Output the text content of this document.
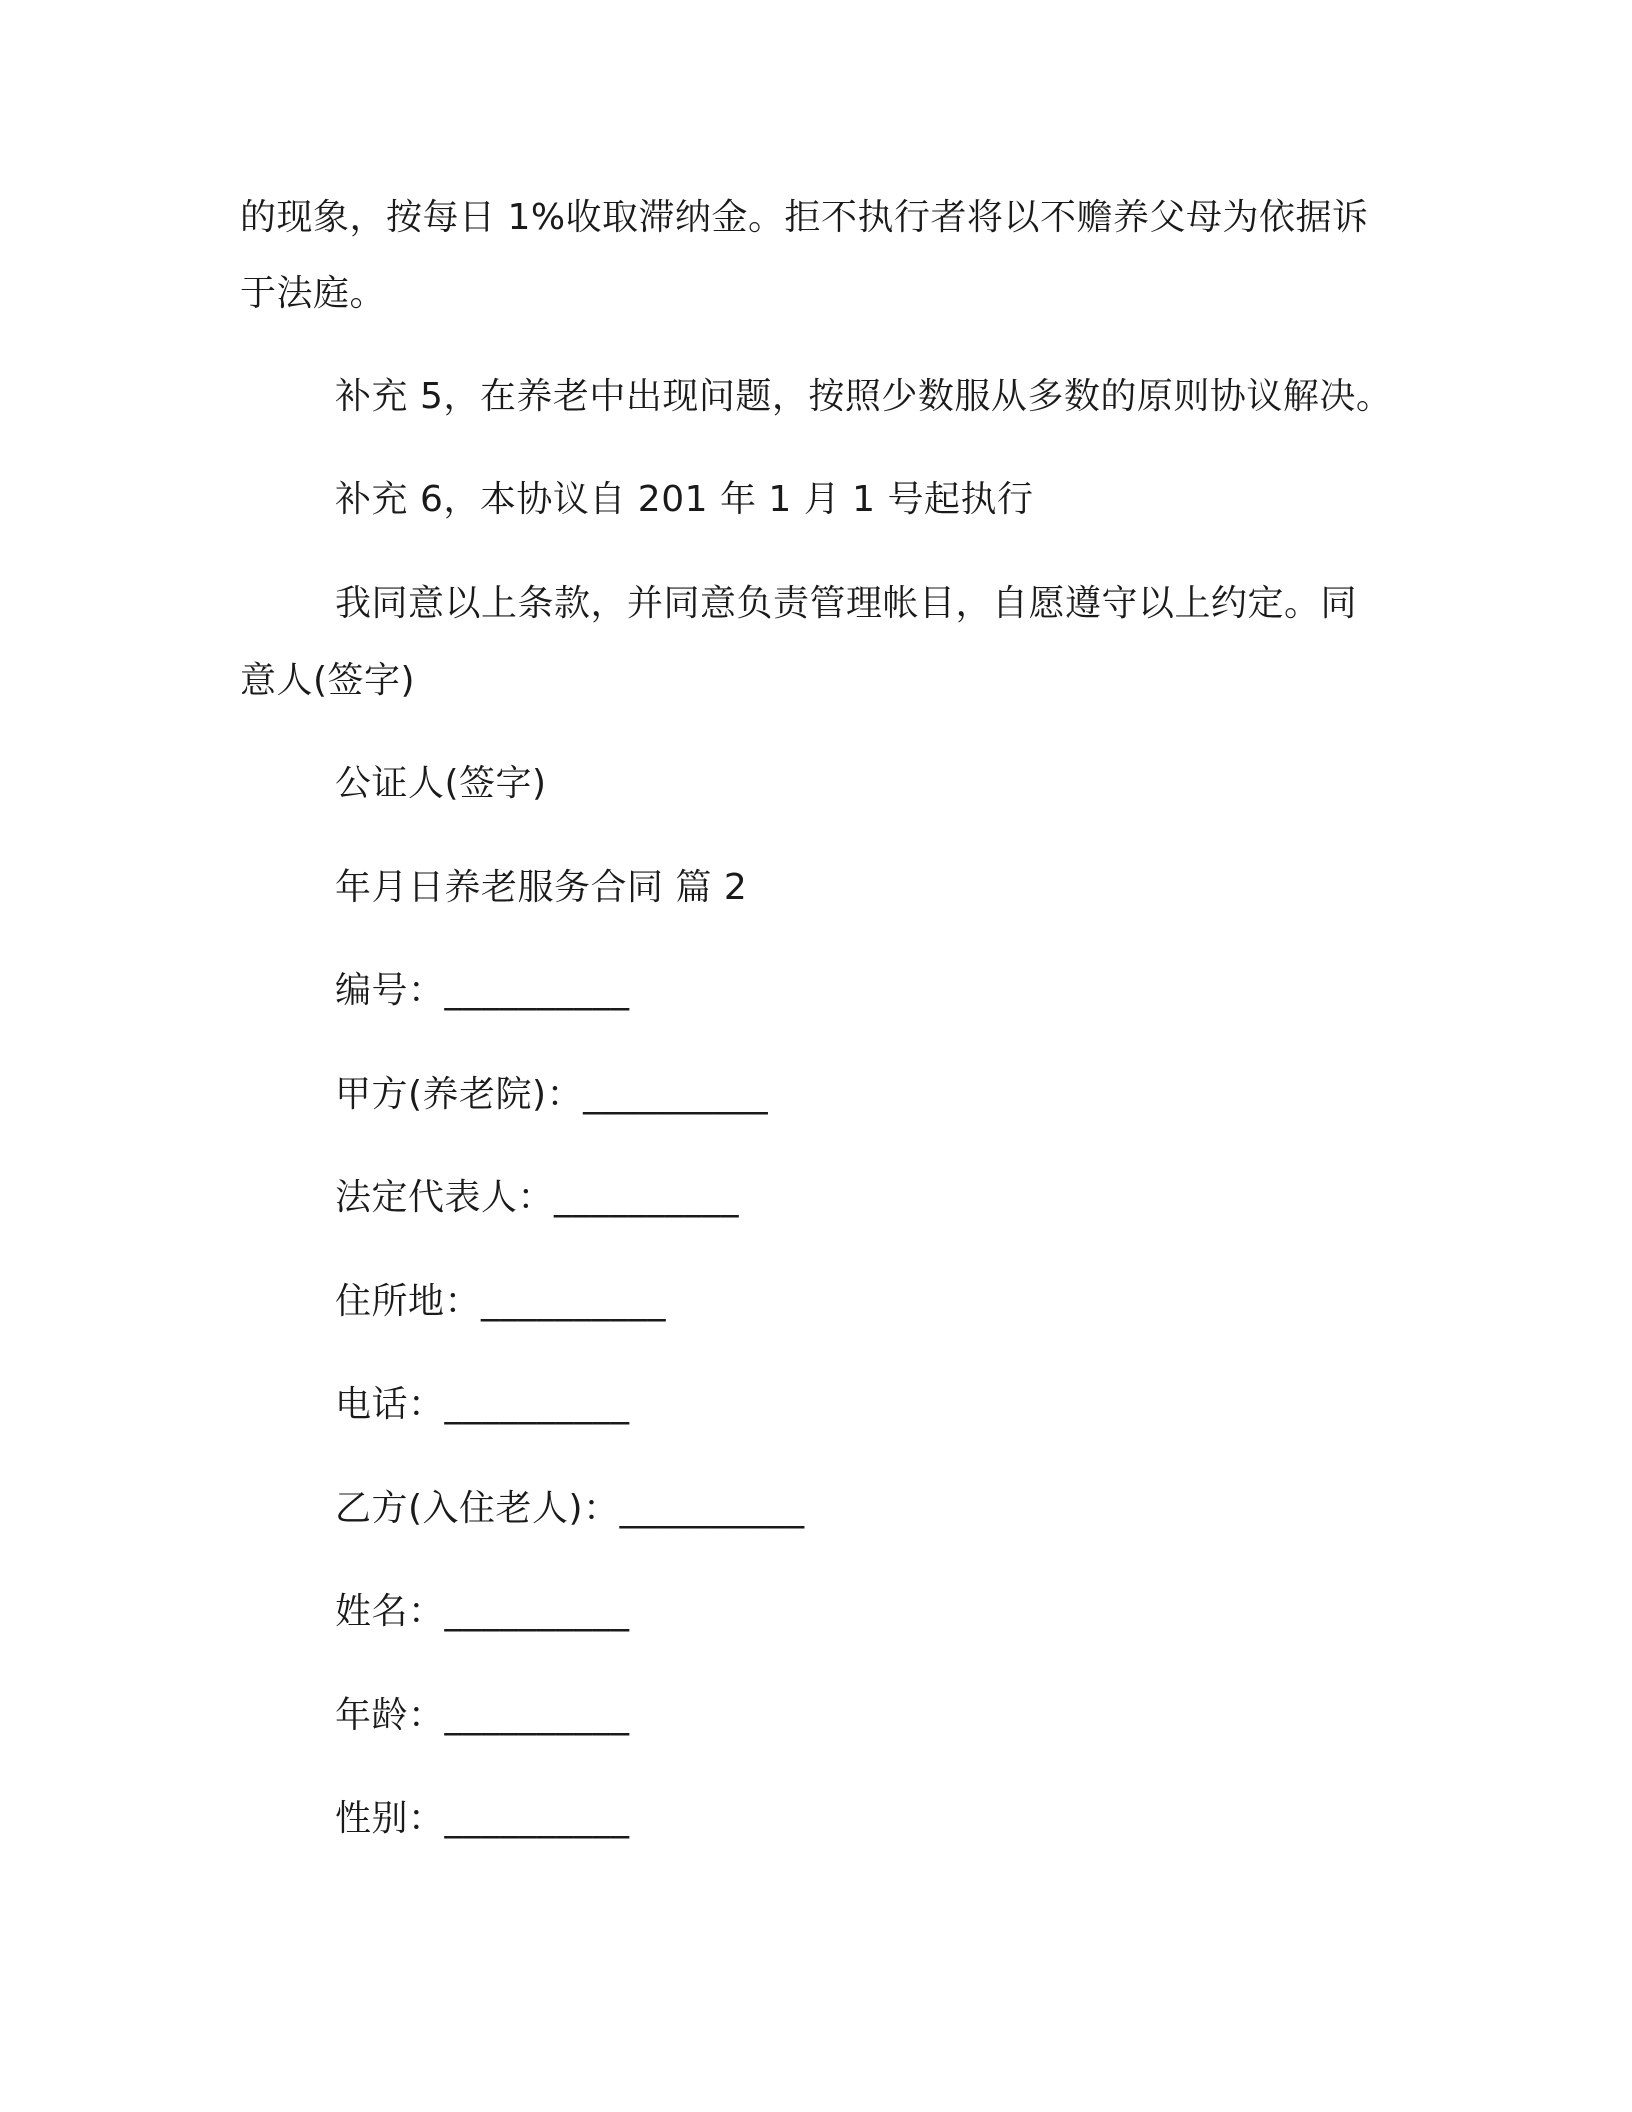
的现象，按每日 1%收取滞纳金。拒不执行者将以不赡养父母为依据诉
于法庭。
补充 5，在养老中出现问题，按照少数服从多数的原则协议解决。
补充 6，本协议自 201 年 1 月 1 号起执行
我同意以上条款，并同意负责管理帐目，自愿遵守以上约定。同
意人(签字)
公证人(签字)
年月日养老服务合同 篇 2
编号：__________
甲方(养老院)：__________
法定代表人：__________
住所地：__________
电话：__________
乙方(入住老人)：__________
姓名：__________
年龄：__________
性别：__________
